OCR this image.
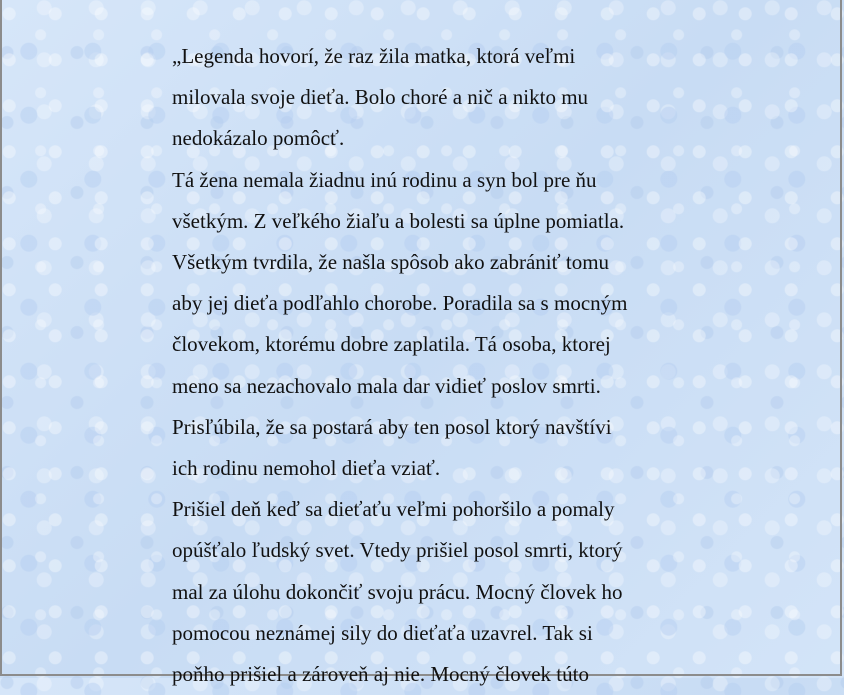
„Legenda hovorí, že raz žila matka, ktorá veľmi
milovala svoje dieťa. Bolo choré a nič a nikto mu
nedokázalo pomôcť.

Tá žena nemala žiadnu inú rodinu a syn bol pre ňu
všetkým. Z veľkého žiaľu a bolesti sa úplne pomiatla.
Všetkým tvrdila, že našla spôsob ako zabrániť tomu
aby jej dieťa podľahlo chorobe. Poradila sa s mocným
človekom, ktorému dobre zaplatila. Tá osoba, ktorej
meno sa nezachovalo mala dar vidieť poslov smrti.
Prisľúbila, že sa postará aby ten posol ktorý navštívi
ich rodinu nemohol dieťa vziať.

Prišiel deň keď sa dieťaťu veľmi pohoršilo a pomaly
opúšťalo ľudský svet. Vtedy prišiel posol smrti, ktorý
mal za úlohu dokončiť svoju prácu. Mocný človek ho
pomocou neznámej sily do dieťaťa uzavrel. Tak si
poňho prišiel a zároveň aj nie. Mocný človek túto
